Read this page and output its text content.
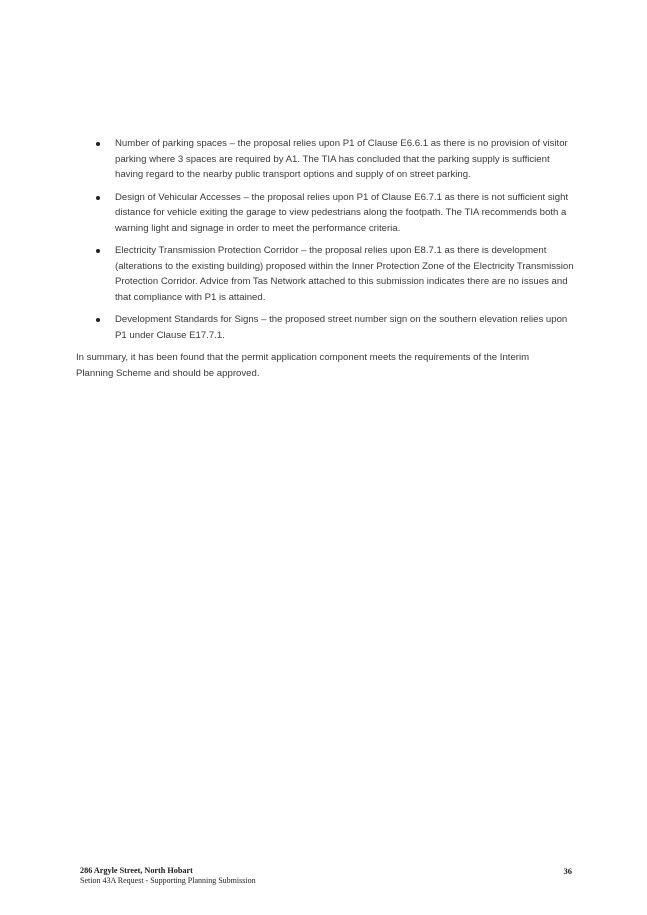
Number of parking spaces – the proposal relies upon P1 of Clause E6.6.1 as there is no provision of visitor parking where 3 spaces are required by A1. The TIA has concluded that the parking supply is sufficient having regard to the nearby public transport options and supply of on street parking.
Design of Vehicular Accesses – the proposal relies upon P1 of Clause E6.7.1 as there is not sufficient sight distance for vehicle exiting the garage to view pedestrians along the footpath. The TIA recommends both a warning light and signage in order to meet the performance criteria.
Electricity Transmission Protection Corridor – the proposal relies upon E8.7.1 as there is development (alterations to the existing building) proposed within the Inner Protection Zone of the Electricity Transmission Protection Corridor. Advice from Tas Network attached to this submission indicates there are no issues and that compliance with P1 is attained.
Development Standards for Signs – the proposed street number sign on the southern elevation relies upon P1 under Clause E17.7.1.

In summary, it has been found that the permit application component meets the requirements of the Interim Planning Scheme and should be approved.

286 Argyle Street, North Hobart
Setion 43A Request - Supporting Planning Submission
36
